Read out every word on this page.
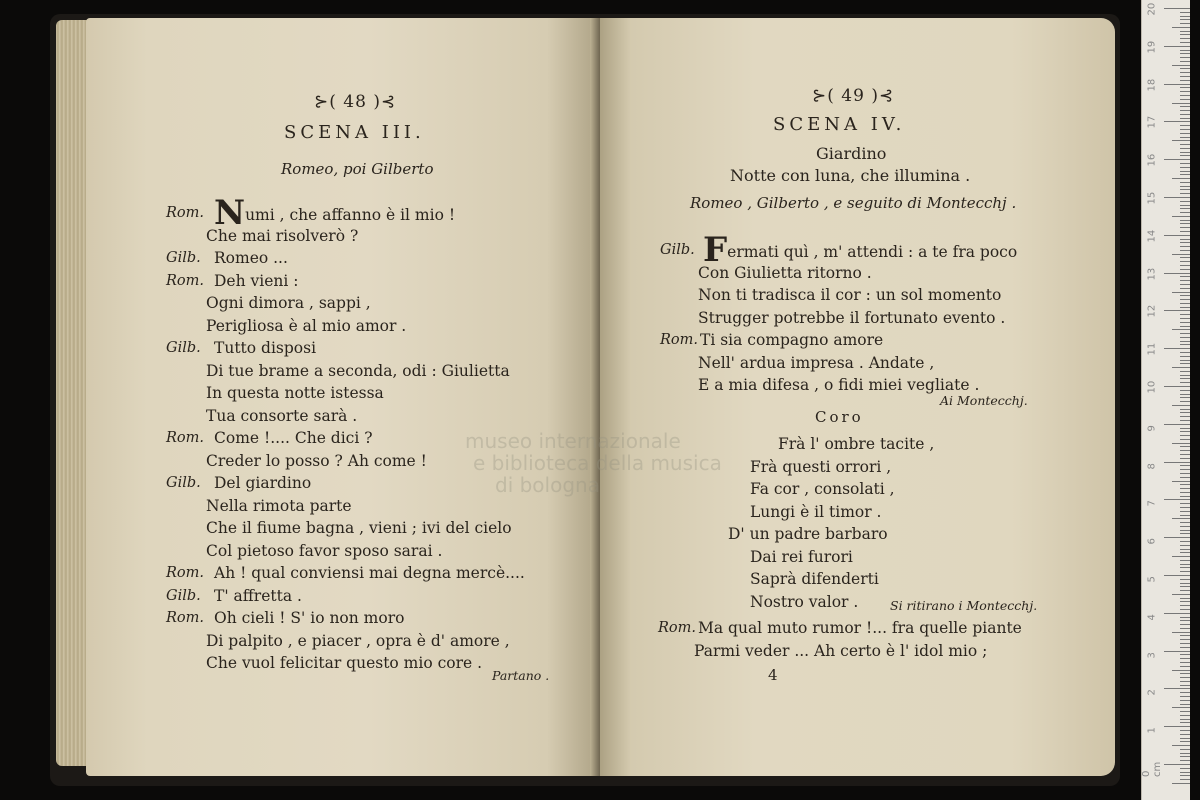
⊱( 48 )⊰
SCENA III.
Romeo, poi Gilberto
Rom. Numi , che affanno è il mio !
Che mai risolverò ?
Gilb. Romeo ...
Rom. Deh vieni :
Ogni dimora , sappi ,
Perigliosa è al mio amor .
Gilb. Tutto disposi
Di tue brame a seconda, odi : Giulietta
In questa notte istessa
Tua consorte sarà .
Rom. Come !.... Che dici ?
Creder lo posso ? Ah come !
Gilb. Del giardino
Nella rimota parte
Che il fiume bagna , vieni ; ivi del cielo
Col pietoso favor sposo sarai .
Rom. Ah ! qual conviensi mai degna mercè....
Gilb. T' affretta .
Rom. Oh cieli ! S' io non moro
Di palpito , e piacer , opra è d' amore ,
Che vuol felicitar questo mio core .
Partano .
⊱( 49 )⊰
SCENA IV.
Giardino
Notte con luna, che illumina .
Romeo , Gilberto , e seguito di Montecchj .
Gilb. Fermati quì , m' attendi : a te fra poco
Con Giulietta ritorno .
Non ti tradisca il cor : un sol momento
Strugger potrebbe il fortunato evento .
Rom. Ti sia compagno amore
Nell' ardua impresa . Andate ,
E a mia difesa , o fidi miei vegliate .
Ai Montecchj.
Coro
Frà l' ombre tacite ,
Frà questi orrori ,
Fa cor , consolati ,
Lungi è il timor .
D' un padre barbaro
Dai rei furori
Saprà difenderti
Nostro valor .	Si ritirano i Montecchj.
Rom. Ma qual muto rumor !... fra quelle piante
Parmi veder ... Ah certo è l' idol mio ;
4
museo internazionale
e biblioteca della musica
di bologna
20
19
18
17
16
15
14
13
12
11
10
9
8
7
6
5
4
3
2
1
0 cm
